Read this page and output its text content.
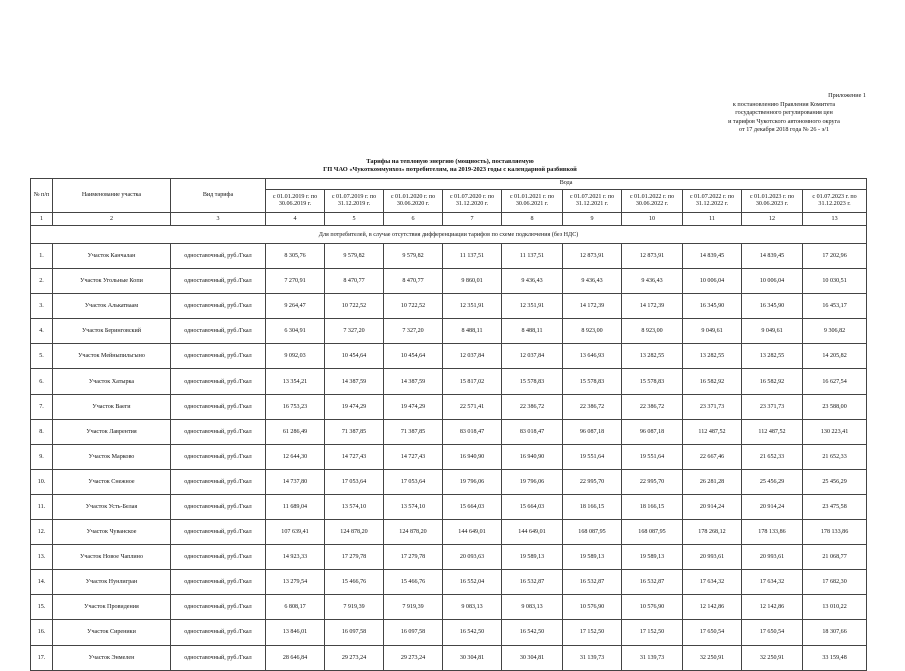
Приложение 1
к постановлению Правления Комитета
государственного регулирования цен
и тарифов Чукотского автономного округа
от 17 декабря 2018 года № 26 - э/1
Тарифы на тепловую энергию (мощность), поставляемую
ГП ЧАО «Чукоткоммунхоз» потребителям, на 2019-2023 годы с календарной разбивкой
№ п/п	Наименование участка	Вид тарифа	Вода									
			с 01.01.2019 г. по 30.06.2019 г.	с 01.07.2019 г. по 31.12.2019 г.	с 01.01.2020 г. по 30.06.2020 г.	с 01.07.2020 г. по 31.12.2020 г.	с 01.01.2021 г. по 30.06.2021 г.	с 01.07.2021 г. по 31.12.2021 г.	с 01.01.2022 г. по 30.06.2022 г.	с 01.07.2022 г. по 31.12.2022 г.	с 01.01.2023 г. по 30.06.2023 г.	с 01.07.2023 г. по 31.12.2023 г.
1	2	3	4	5	6	7	8	9	10	11	12	13
Для потребителей, в случае отсутствия дифференциации тарифов по схеме подключения (без НДС)												
1.	Участок Канчалан	одноставочный, руб./Гкал	8 305,76	9 579,82	9 579,82	11 137,51	11 137,51	12 873,91	12 873,91	14 839,45	14 839,45	17 202,96
2.	Участок Угольные Копи	одноставочный, руб./Гкал	7 270,91	8 470,77	8 470,77	9 860,01	9 436,43	9 436,43	9 436,43	10 006,04	10 006,04	10 030,51
3.	Участок Алькатваам	одноставочный, руб./Гкал	9 264,47	10 722,52	10 722,52	12 351,91	12 351,91	14 172,39	14 172,39	16 345,90	16 345,90	16 453,17
4.	Участок Беринговский	одноставочный, руб./Гкал	6 304,91	7 327,20	7 327,20	8 488,11	8 488,11	8 923,00	8 923,00	9 049,61	9 049,61	9 306,82
5.	Участок Мейныпильгыно	одноставочный, руб./Гкал	9 092,03	10 454,64	10 454,64	12 037,84	12 037,84	13 646,93	13 282,55	13 282,55	13 282,55	14 205,82
6.	Участок Хатырка	одноставочный, руб./Гкал	13 354,21	14 387,59	14 387,59	15 817,02	15 578,83	15 578,83	15 578,83	16 582,92	16 582,92	16 627,54
7.	Участок Ваеги	одноставочный, руб./Гкал	16 753,23	19 474,29	19 474,29	22 571,41	22 386,72	22 386,72	22 386,72	23 371,73	23 371,73	23 588,00
8.	Участок Лаврентия	одноставочный, руб./Гкал	61 286,49	71 387,85	71 387,85	83 018,47	83 018,47	96 087,18	96 087,18	112 487,52	112 487,52	130 223,41
9.	Участок Марково	одноставочный, руб./Гкал	12 644,30	14 727,43	14 727,43	16 940,90	16 940,90	19 551,64	19 551,64	22 667,46	21 652,33	21 652,33
10.	Участок Снежное	одноставочный, руб./Гкал	14 737,80	17 053,64	17 053,64	19 796,06	19 796,06	22 995,70	22 995,70	26 281,28	25 456,29	25 456,29
11.	Участок Усть-Белая	одноставочный, руб./Гкал	11 689,04	13 574,10	13 574,10	15 664,03	15 664,03	18 166,15	18 166,15	20 914,24	20 914,24	23 475,58
12.	Участок Чуванское	одноставочный, руб./Гкал	107 639,41	124 878,20	124 878,20	144 649,01	144 649,01	168 087,95	168 087,95	178 268,12	178 133,86	178 133,86
13.	Участок Новое Чаплино	одноставочный, руб./Гкал	14 923,33	17 279,78	17 279,78	20 093,63	19 589,13	19 589,13	19 589,13	20 993,61	20 993,61	21 068,77
14.	Участок Нунлигран	одноставочный, руб./Гкал	13 279,54	15 466,76	15 466,76	16 552,04	16 532,87	16 532,87	16 532,87	17 634,32	17 634,32	17 682,30
15.	Участок Провидения	одноставочный, руб./Гкал	6 808,17	7 919,39	7 919,39	9 083,13	9 083,13	10 576,90	10 576,90	12 142,86	12 142,86	13 010,22
16.	Участок Сиреники	одноставочный, руб./Гкал	13 846,01	16 097,58	16 097,58	16 542,50	16 542,50	17 152,50	17 152,50	17 650,54	17 650,54	18 307,66
17.	Участок Энмелен	одноставочный, руб./Гкал	28 646,84	29 273,24	29 273,24	30 304,81	30 304,81	31 139,73	31 139,73	32 250,91	32 250,91	33 159,48
